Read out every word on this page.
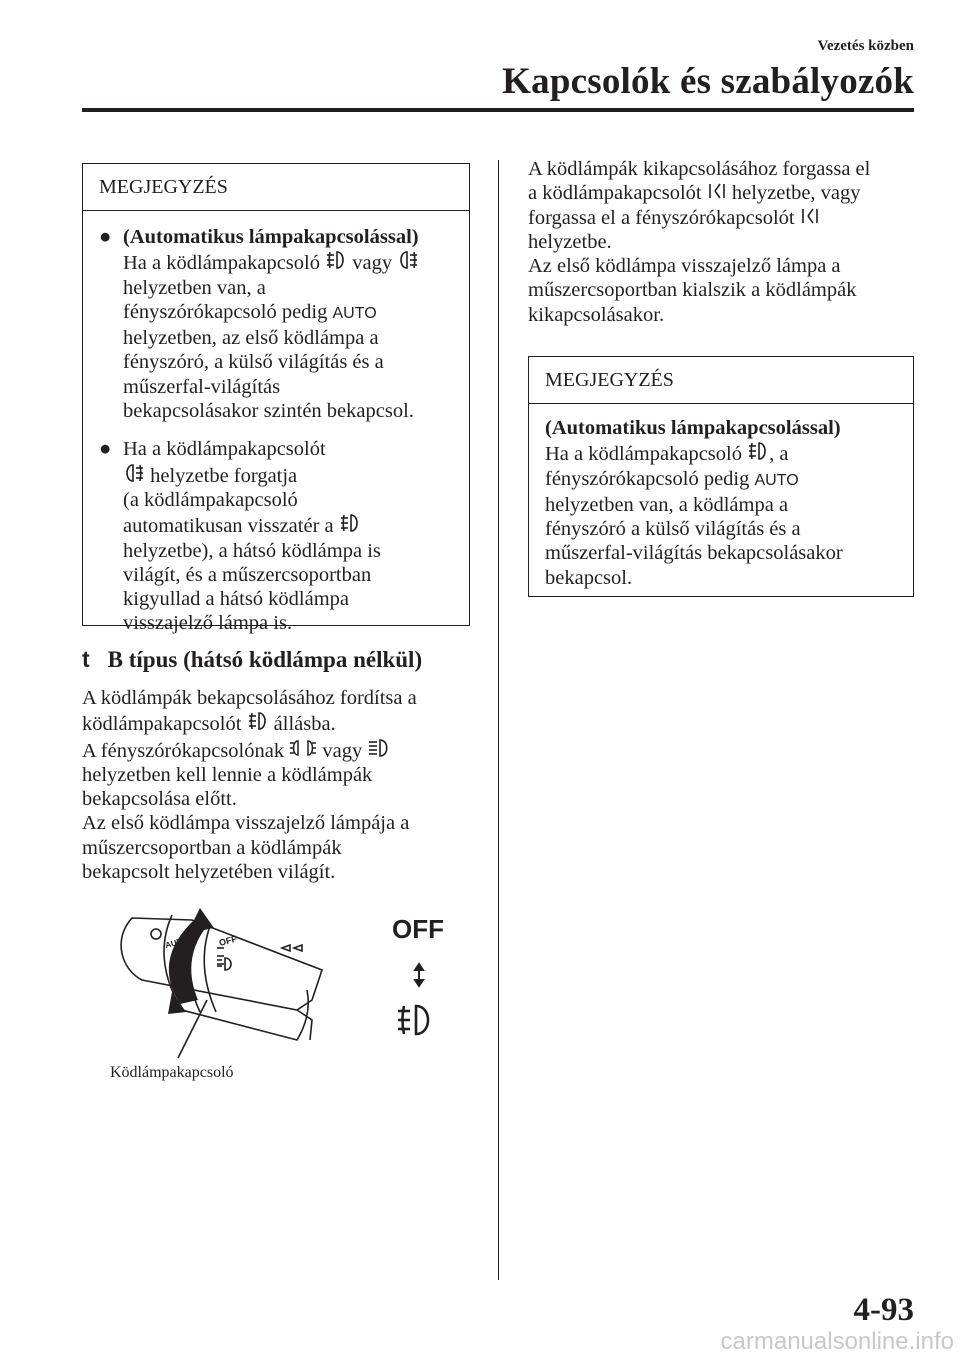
Vezetés közben
Kapcsolók és szabályozók
MEGJEGYZÉS
● (Automatikus lámpakapcsolással)
Ha a ködlámpakapcsoló vagy
helyzetben van, a
fényszórókapcsoló pedig AUTO
helyzetben, az első ködlámpa a
fényszóró, a külső világítás és a
műszerfal-világítás
bekapcsolásakor szintén bekapcsol.
● Ha a ködlámpakapcsolót
helyzetbe forgatja
(a ködlámpakapcsoló
automatikusan visszatér a
helyzetbe), a hátsó ködlámpa is
világít, és a műszercsoportban
kigyullad a hátsó ködlámpa
visszajelző lámpa is.
t B típus (hátsó ködlámpa nélkül)
A ködlámpák bekapcsolásához fordítsa a
ködlámpakapcsolót állásba.
A fényszórókapcsolónak vagy
helyzetben kell lennie a ködlámpák
bekapcsolása előtt.
Az első ködlámpa visszajelző lámpája a
műszercsoportban a ködlámpák
bekapcsolt helyzetében világít.
OFF
AUTO	OFF
Ködlámpakapcsoló
A ködlámpák kikapcsolásához forgassa el
a ködlámpakapcsolót helyzetbe, vagy
forgassa el a fényszórókapcsolót
helyzetbe.
Az első ködlámpa visszajelző lámpa a
műszercsoportban kialszik a ködlámpák
kikapcsolásakor.
MEGJEGYZÉS
(Automatikus lámpakapcsolással)
Ha a ködlámpakapcsoló , a
fényszórókapcsoló pedig AUTO
helyzetben van, a ködlámpa a
fényszóró a külső világítás és a
műszerfal-világítás bekapcsolásakor
bekapcsol.
4-93
carmanualsonline.info
